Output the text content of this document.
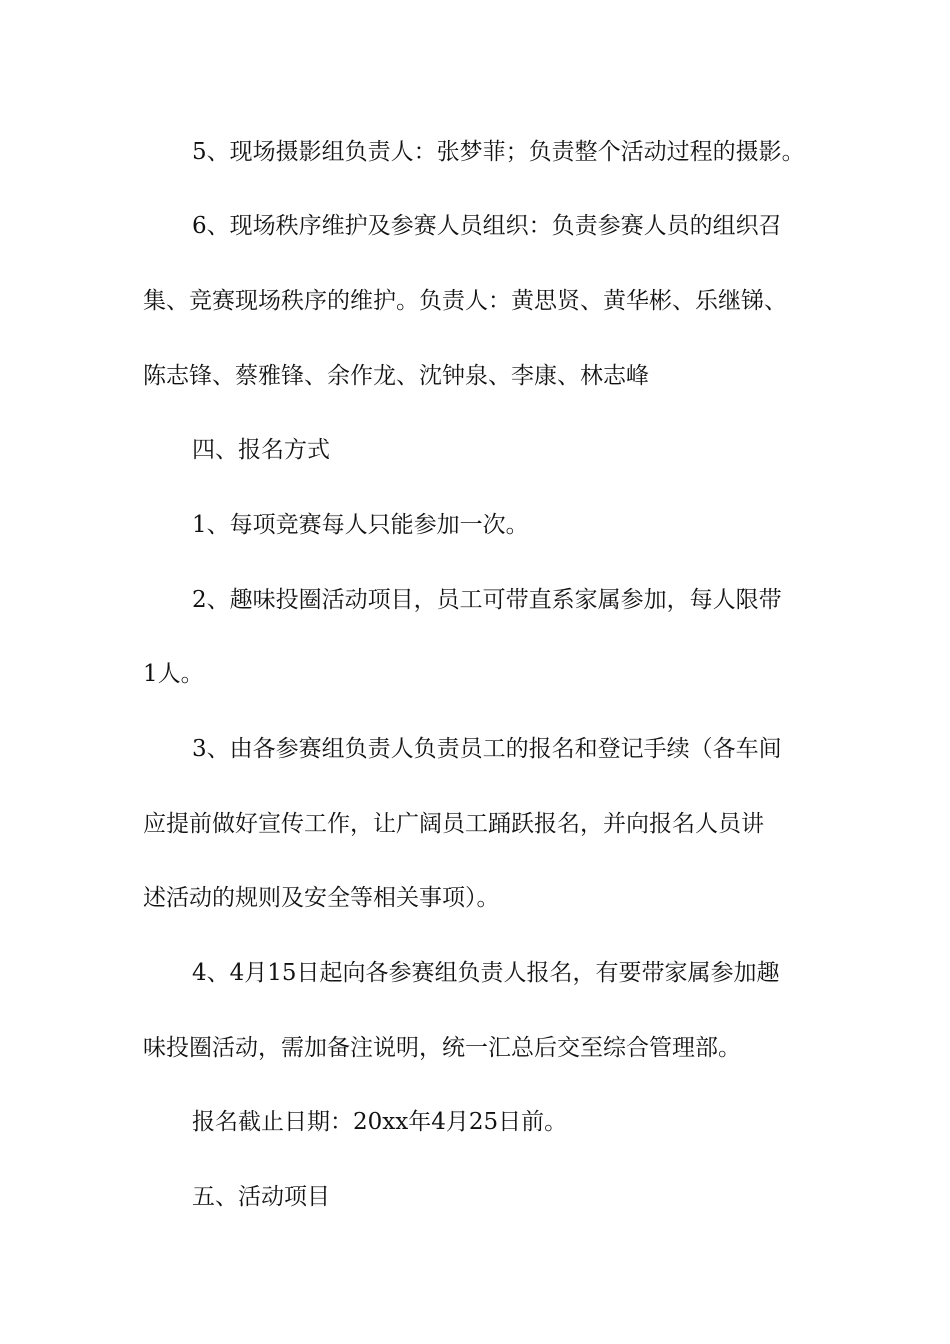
5、现场摄影组负责人：张梦菲；负责整个活动过程的摄影。
6、现场秩序维护及参赛人员组织：负责参赛人员的组织召
集、竞赛现场秩序的维护。负责人：黄思贤、黄华彬、乐继锑、
陈志锋、蔡雅锋、余作龙、沈钟泉、李康、林志峰
四、报名方式
1、每项竞赛每人只能参加一次。
2、趣味投圈活动项目，员工可带直系家属参加，每人限带
1人。
3、由各参赛组负责人负责员工的报名和登记手续（各车间
应提前做好宣传工作，让广阔员工踊跃报名，并向报名人员讲
述活动的规则及安全等相关事项）。
4、4月15日起向各参赛组负责人报名，有要带家属参加趣
味投圈活动，需加备注说明，统一汇总后交至综合管理部。
报名截止日期：20xx年4月25日前。
五、活动项目
